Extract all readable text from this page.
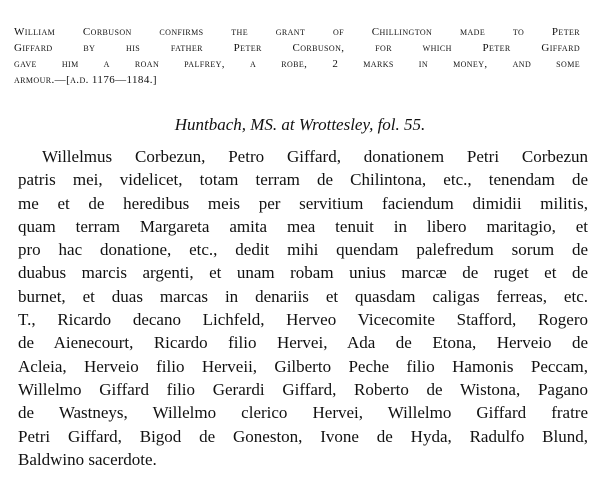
William Corbuson confirms the grant of Chillington made to Peter
Giffard by his father Peter Corbuson, for which Peter Giffard
gave him a roan palfrey, a robe, 2 marks in money, and some
armour.—[a.d. 1176—1184.]

Huntbach, MS. at Wrottesley, fol. 55.

Willelmus Corbezun, Petro Giffard, donationem Petri Corbezun
patris mei, videlicet, totam terram de Chilintona, etc., tenendam de
me et de heredibus meis per servitium faciendum dimidii militis,
quam terram Margareta amita mea tenuit in libero maritagio, et
pro hac donatione, etc., dedit mihi quendam palefredum sorum de
duabus marcis argenti, et unam robam unius marcæ de ruget et de
burnet, et duas marcas in denariis et quasdam caligas ferreas, etc.
T., Ricardo decano Lichfeld, Herveo Vicecomite Stafford, Rogero
de Aienecourt, Ricardo filio Hervei, Ada de Etona, Herveio de
Acleia, Herveio filio Herveii, Gilberto Peche filio Hamonis Peccam,
Willelmo Giffard filio Gerardi Giffard, Roberto de Wistona, Pagano
de Wastneys, Willelmo clerico Hervei, Willelmo Giffard fratre
Petri Giffard, Bigod de Goneston, Ivone de Hyda, Radulfo Blund,
Baldwino sacerdote.
